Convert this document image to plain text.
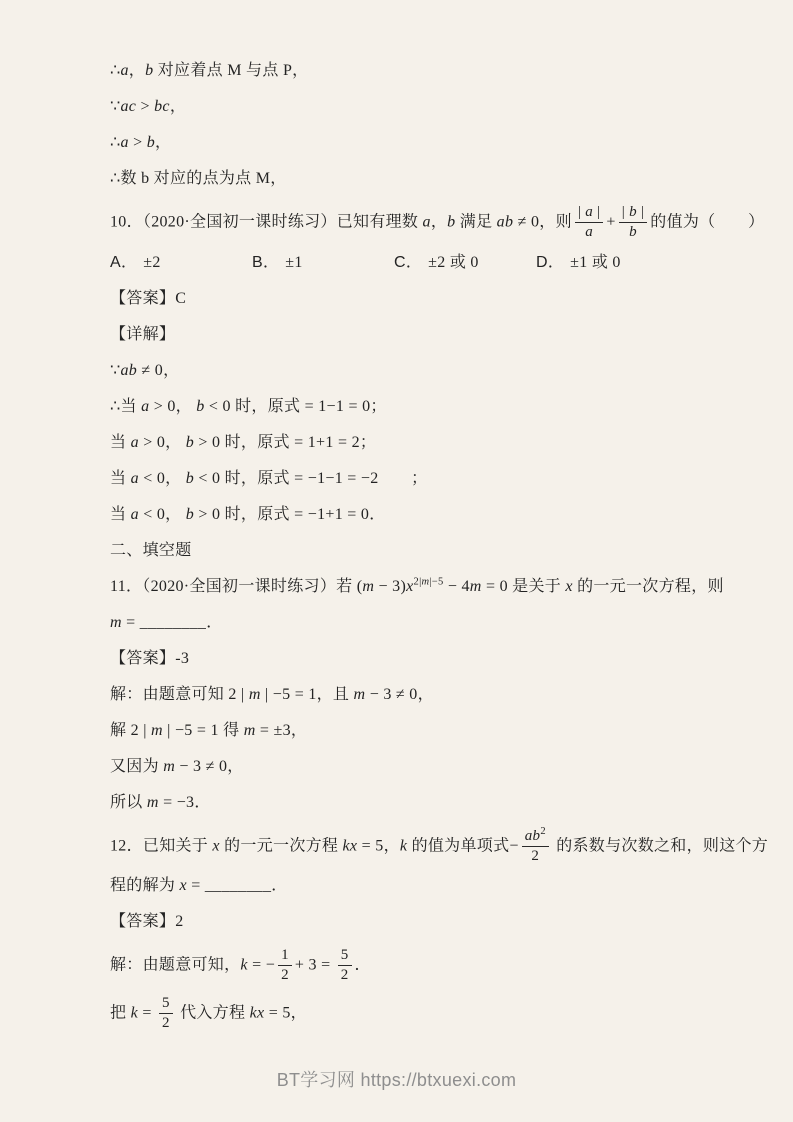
∴a，b 对应着点 M 与点 P，
∵ac > bc，
∴a > b，
∴数 b 对应的点为点 M，
10．（2020·全国初一课时练习）已知有理数 a，b 满足 ab ≠ 0，则 $\frac{| a |}{a} + \frac{| b |}{b}$ 的值为（　　）
A． ±2	B． ±1	C． ±2 或 0	D． ±1 或 0
【答案】C
【详解】
∵ab ≠ 0，
∴当 a > 0， b < 0 时，原式 = 1−1 = 0；
当 a > 0， b > 0 时，原式 = 1+1 = 2；
当 a < 0， b < 0 时，原式 = −1−1 = −2　　；
当 a < 0， b > 0 时，原式 = −1+1 = 0．
二、填空题
11．（2020·全国初一课时练习）若 $(m - 3)x^{2|m|-5} - 4m = 0$ 是关于 x 的一元一次方程，则
m = ________．
【答案】-3
解：由题意可知 2 | m | −5 = 1，且 m − 3 ≠ 0，
解 2 | m | −5 = 1 得 m = ±3，
又因为 m − 3 ≠ 0，
所以 m = −3．
12．已知关于 x 的一元一次方程 kx = 5，k 的值为单项式− $\frac{ab^2}{2}$ 的系数与次数之和，则这个方
程的解为 x = ________．
【答案】2
解：由题意可知，k = − $\frac{1}{2} + 3 = \frac{5}{2}$ ．
把 $k = \frac{5}{2}$ 代入方程 kx = 5，
BT学习网 https://btxuexi.com
